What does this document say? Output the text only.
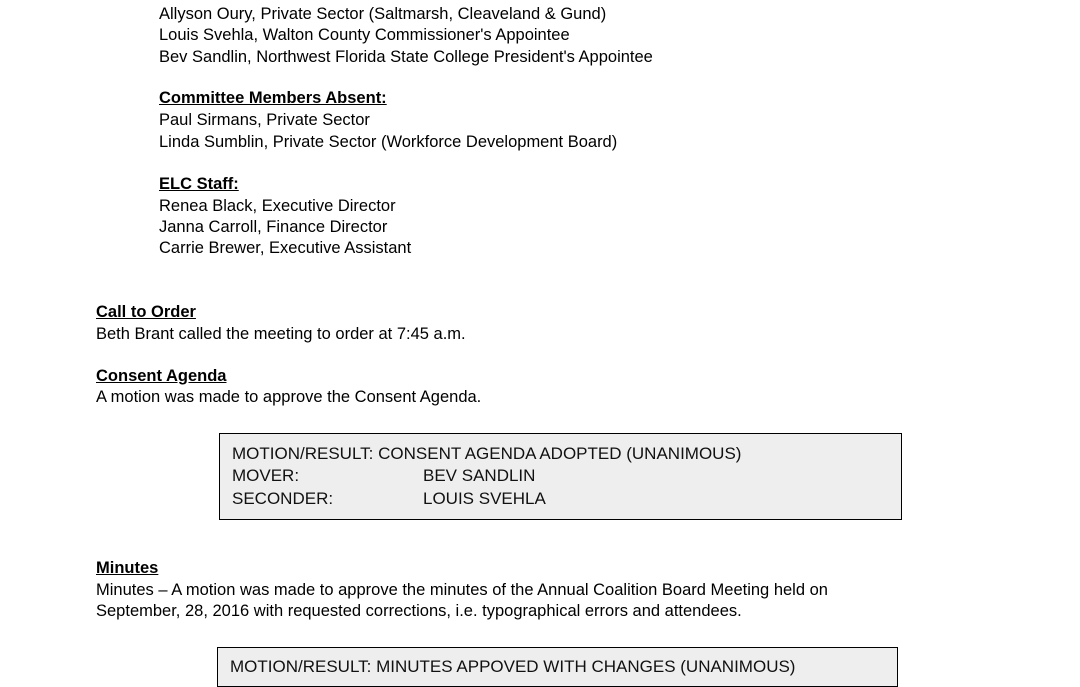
Allyson Oury, Private Sector (Saltmarsh, Cleaveland & Gund)
Louis Svehla, Walton County Commissioner's Appointee
Bev Sandlin, Northwest Florida State College President's Appointee
Committee Members Absent:
Paul Sirmans, Private Sector
Linda Sumblin, Private Sector (Workforce Development Board)
ELC Staff:
Renea Black, Executive Director
Janna Carroll, Finance Director
Carrie Brewer, Executive Assistant
Call to Order
Beth Brant called the meeting to order at 7:45 a.m.
Consent Agenda
A motion was made to approve the Consent Agenda.
MOTION/RESULT: CONSENT AGENDA ADOPTED (UNANIMOUS)
MOVER:	BEV SANDLIN
SECONDER:	LOUIS SVEHLA
Minutes
Minutes – A motion was made to approve the minutes of the Annual Coalition Board Meeting held on
September, 28, 2016 with requested corrections, i.e. typographical errors and attendees.
MOTION/RESULT: MINUTES APPOVED WITH CHANGES (UNANIMOUS)
